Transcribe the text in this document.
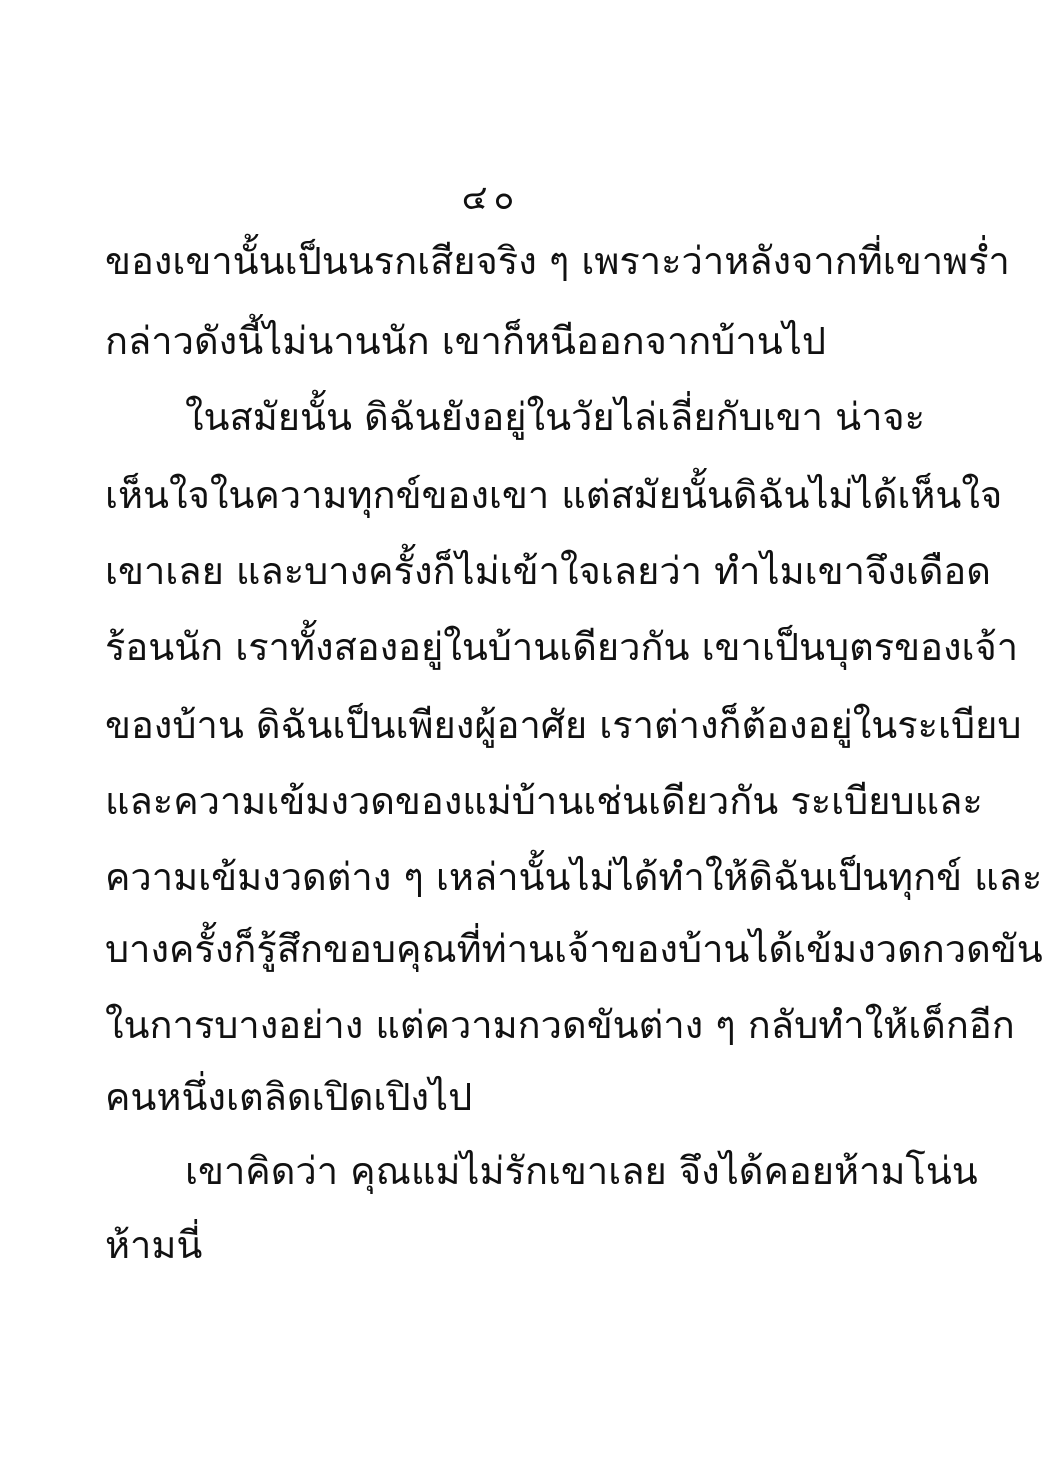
๔๐
ของเขานั้นเป็นนรกเสียจริง ๆ เพราะว่าหลังจากที่เขาพร่ำ
กล่าวดังนี้ไม่นานนัก เขาก็หนีออกจากบ้านไป
ในสมัยนั้น ดิฉันยังอยู่ในวัยไล่เลี่ยกับเขา น่าจะ
เห็นใจในความทุกข์ของเขา แต่สมัยนั้นดิฉันไม่ได้เห็นใจ
เขาเลย และบางครั้งก็ไม่เข้าใจเลยว่า ทำไมเขาจึงเดือด
ร้อนนัก เราทั้งสองอยู่ในบ้านเดียวกัน เขาเป็นบุตรของเจ้า
ของบ้าน ดิฉันเป็นเพียงผู้อาศัย เราต่างก็ต้องอยู่ในระเบียบ
และความเข้มงวดของแม่บ้านเช่นเดียวกัน ระเบียบและ
ความเข้มงวดต่าง ๆ เหล่านั้นไม่ได้ทำให้ดิฉันเป็นทุกข์ และ
บางครั้งก็รู้สึกขอบคุณที่ท่านเจ้าของบ้านได้เข้มงวดกวดขัน
ในการบางอย่าง แต่ความกวดขันต่าง ๆ กลับทำให้เด็กอีก
คนหนึ่งเตลิดเปิดเปิงไป
เขาคิดว่า คุณแม่ไม่รักเขาเลย จึงได้คอยห้ามโน่น
ห้ามนี่
